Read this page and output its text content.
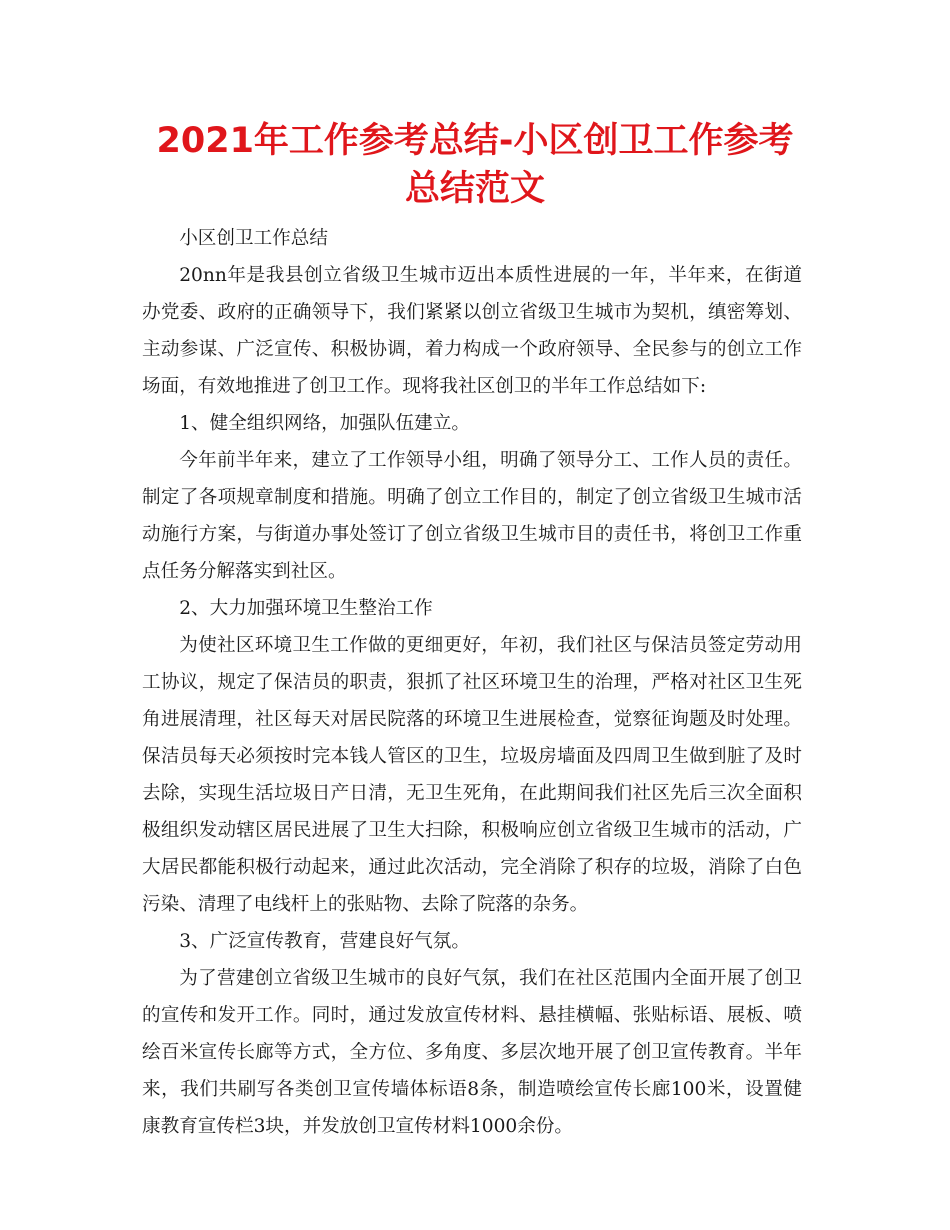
2021年工作参考总结-小区创卫工作参考总结范文

小区创卫工作总结

20nn年是我县创立省级卫生城市迈出本质性进展的一年，半年来，在街道办党委、政府的正确领导下，我们紧紧以创立省级卫生城市为契机，缜密筹划、主动参谋、广泛宣传、积极协调，着力构成一个政府领导、全民参与的创立工作场面，有效地推进了创卫工作。现将我社区创卫的半年工作总结如下:

1、健全组织网络，加强队伍建立。

今年前半年来，建立了工作领导小组，明确了领导分工、工作人员的责任。制定了各项规章制度和措施。明确了创立工作目的，制定了创立省级卫生城市活动施行方案，与街道办事处签订了创立省级卫生城市目的责任书，将创卫工作重点任务分解落实到社区。

2、大力加强环境卫生整治工作

为使社区环境卫生工作做的更细更好，年初，我们社区与保洁员签定劳动用工协议，规定了保洁员的职责，狠抓了社区环境卫生的治理，严格对社区卫生死角进展清理，社区每天对居民院落的环境卫生进展检查，觉察征询题及时处理。保洁员每天必须按时完本钱人管区的卫生，垃圾房墙面及四周卫生做到脏了及时去除，实现生活垃圾日产日清，无卫生死角，在此期间我们社区先后三次全面积极组织发动辖区居民进展了卫生大扫除，积极响应创立省级卫生城市的活动，广大居民都能积极行动起来，通过此次活动，完全消除了积存的垃圾，消除了白色污染、清理了电线杆上的张贴物、去除了院落的杂务。

3、广泛宣传教育，营建良好气氛。

为了营建创立省级卫生城市的良好气氛，我们在社区范围内全面开展了创卫的宣传和发开工作。同时，通过发放宣传材料、悬挂横幅、张贴标语、展板、喷绘百米宣传长廊等方式，全方位、多角度、多层次地开展了创卫宣传教育。半年来，我们共刷写各类创卫宣传墙体标语8条，制造喷绘宣传长廊100米，设置健康教育宣传栏3块，并发放创卫宣传材料1000余份。
